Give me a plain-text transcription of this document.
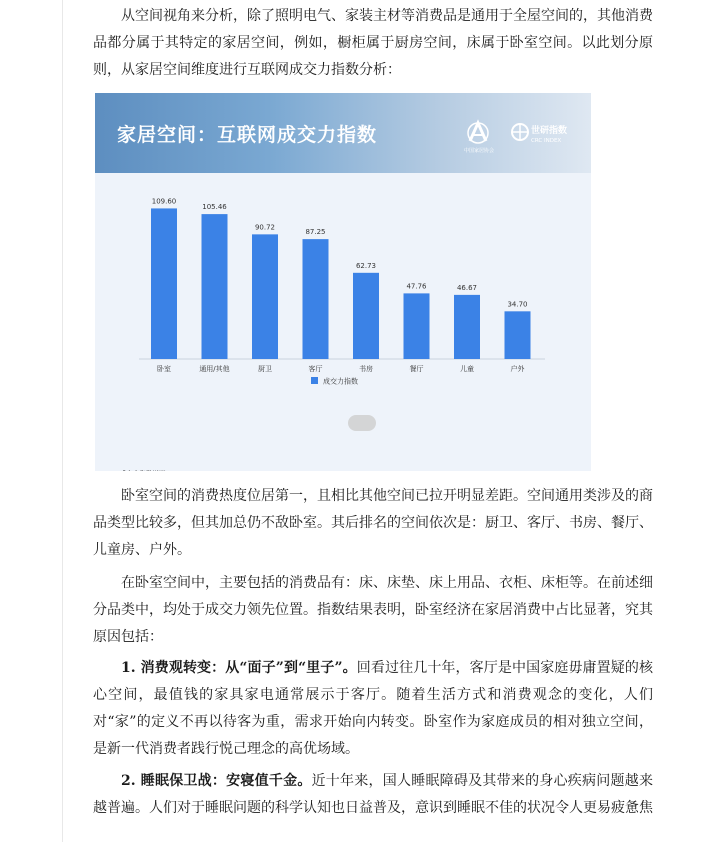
从空间视角来分析，除了照明电气、家装主材等消费品是通用于全屋空间的，其他消费品都分属于其特定的家居空间，例如，橱柜属于厨房空间，床属于卧室空间。以此划分原则，从家居空间维度进行互联网成交力指数分析：

家居空间：互联网成交力指数
中国家居协会
世研指数
CRC INDEX
109.60
卧室
105.46
通用/其他
90.72
厨卫
87.25
客厅
62.73
书房
47.76
餐厅
46.67
儿童
34.70
户外
成交力指数

卧室空间的消费热度位居第一，且相比其他空间已拉开明显差距。空间通用类涉及的商品类型比较多，但其加总仍不敌卧室。其后排名的空间依次是：厨卫、客厅、书房、餐厅、儿童房、户外。

在卧室空间中，主要包括的消费品有：床、床垫、床上用品、衣柜、床柜等。在前述细分品类中，均处于成交力领先位置。指数结果表明，卧室经济在家居消费中占比显著，究其原因包括：

1. 消费观转变：从“面子”到“里子”。回看过往几十年，客厅是中国家庭毋庸置疑的核心空间，最值钱的家具家电通常展示于客厅。随着生活方式和消费观念的变化，人们对“家”的定义不再以待客为重，需求开始向内转变。卧室作为家庭成员的相对独立空间，是新一代消费者践行悦己理念的高优场域。

2. 睡眠保卫战：安寝值千金。近十年来，国人睡眠障碍及其带来的身心疾病问题越来越普遍。人们对于睡眠问题的科学认知也日益普及，意识到睡眠不佳的状况令人更易疲惫焦
